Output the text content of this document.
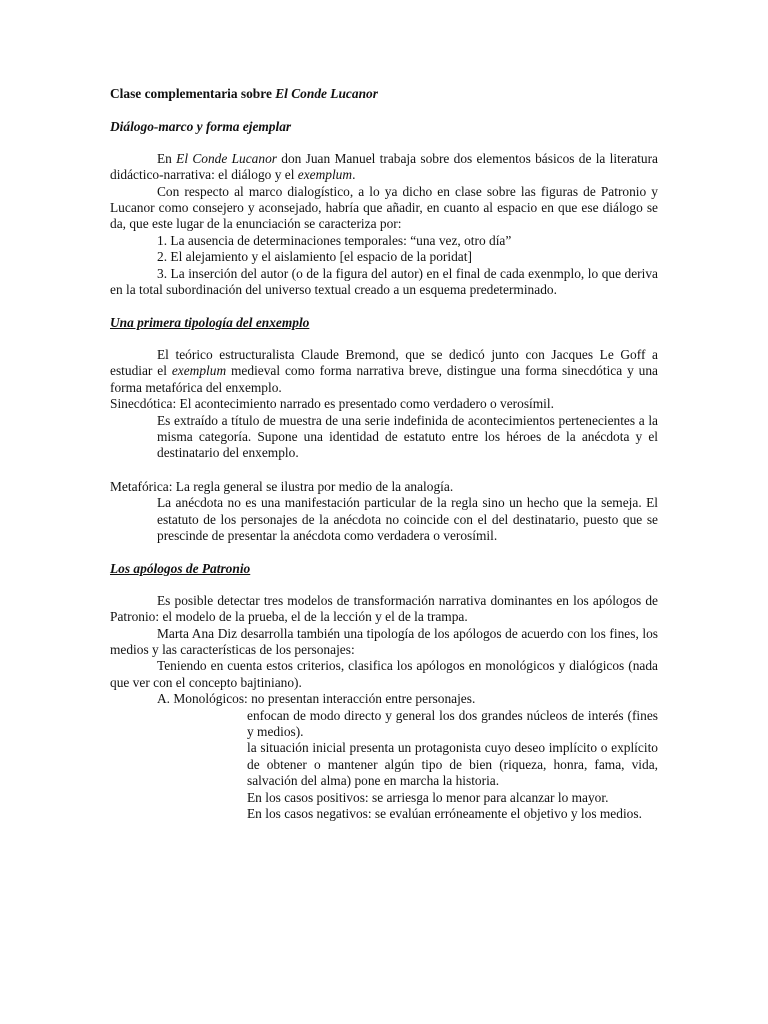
Clase complementaria sobre El Conde Lucanor

Diálogo-marco y forma ejemplar

En El Conde Lucanor don Juan Manuel trabaja sobre dos elementos básicos de la literatura didáctico-narrativa: el diálogo y el exemplum.

Con respecto al marco dialogístico, a lo ya dicho en clase sobre las figuras de Patronio y Lucanor como consejero y aconsejado, habría que añadir, en cuanto al espacio en que ese diálogo se da, que este lugar de la enunciación se caracteriza por:

1. La ausencia de determinaciones temporales: “una vez, otro día”

2. El alejamiento y el aislamiento [el espacio de la poridat]

3. La inserción del autor (o de la figura del autor) en el final de cada exenmplo, lo que deriva en la total subordinación del universo textual creado a un esquema predeterminado.

Una primera tipología del enxemplo

El teórico estructuralista Claude Bremond, que se dedicó junto con Jacques Le Goff a estudiar el exemplum medieval como forma narrativa breve, distingue una forma sinecdótica y una forma metafórica del enxemplo.

Sinecdótica: El acontecimiento narrado es presentado como verdadero o verosímil.

Es extraído a título de muestra de una serie indefinida de acontecimientos pertenecientes a la misma categoría. Supone una identidad de estatuto entre los héroes de la anécdota y el destinatario del enxemplo.

Metafórica: La regla general se ilustra por medio de la analogía.

La anécdota no es una manifestación particular de la regla sino un hecho que la semeja. El estatuto de los personajes de la anécdota no coincide con el del destinatario, puesto que se prescinde de presentar la anécdota como verdadera o verosímil.

Los apólogos de Patronio

Es posible detectar tres modelos de transformación narrativa dominantes en los apólogos de Patronio: el modelo de la prueba, el de la lección y el de la trampa.

Marta Ana Diz desarrolla también una tipología de los apólogos de acuerdo con los fines, los medios y las características de los personajes:

Teniendo en cuenta estos criterios, clasifica los apólogos en monológicos y dialógicos (nada que ver con el concepto bajtiniano).

A. Monológicos: no presentan interacción entre personajes.

enfocan de modo directo y general los dos grandes núcleos de interés (fines y medios).

la situación inicial presenta un protagonista cuyo deseo implícito o explícito de obtener o mantener algún tipo de bien (riqueza, honra, fama, vida, salvación del alma) pone en marcha la historia.

En los casos positivos: se arriesga lo menor para alcanzar lo mayor.

En los casos negativos: se evalúan erróneamente el objetivo y los medios.
